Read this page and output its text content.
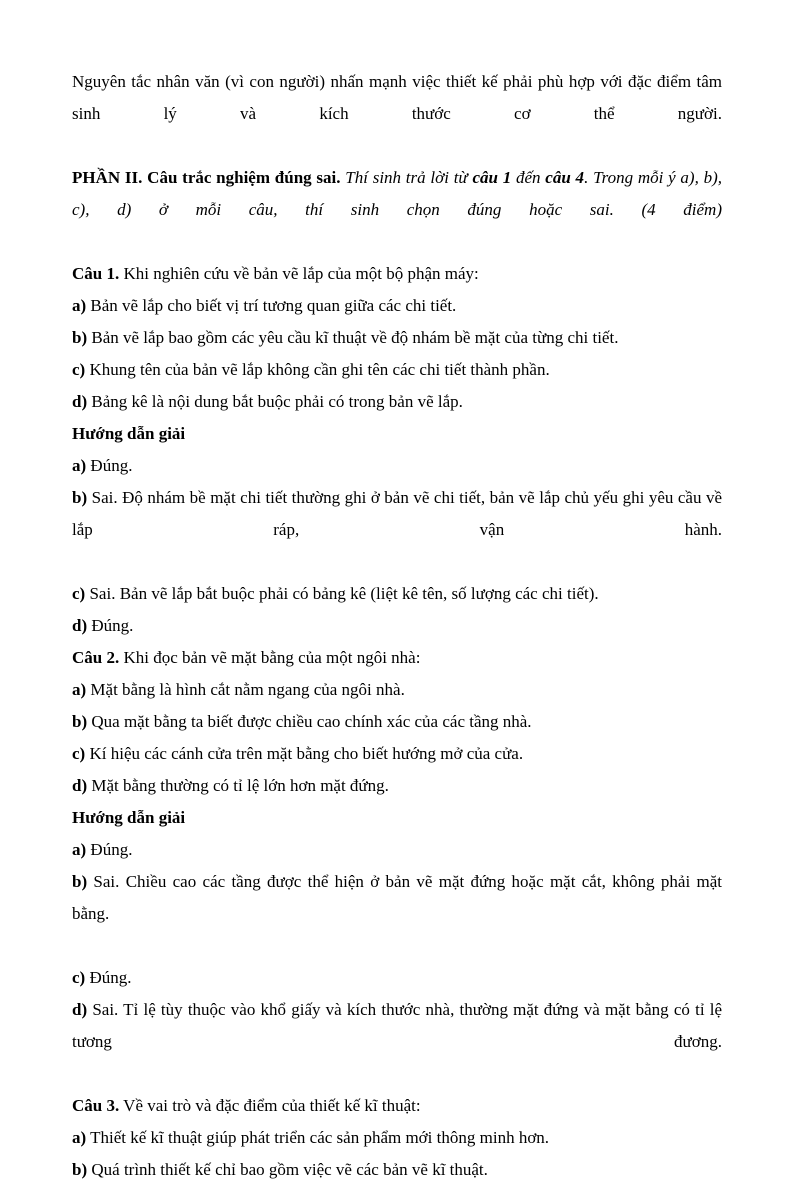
Nguyên tắc nhân văn (vì con người) nhấn mạnh việc thiết kế phải phù hợp với đặc điểm tâm sinh lý và kích thước cơ thể người.

PHẦN II. Câu trắc nghiệm đúng sai. Thí sinh trả lời từ câu 1 đến câu 4. Trong mỗi ý a), b), c), d) ở mỗi câu, thí sinh chọn đúng hoặc sai. (4 điểm)

Câu 1. Khi nghiên cứu về bản vẽ lắp của một bộ phận máy:

a) Bản vẽ lắp cho biết vị trí tương quan giữa các chi tiết.

b) Bản vẽ lắp bao gồm các yêu cầu kĩ thuật về độ nhám bề mặt của từng chi tiết.

c) Khung tên của bản vẽ lắp không cần ghi tên các chi tiết thành phần.

d) Bảng kê là nội dung bắt buộc phải có trong bản vẽ lắp.

Hướng dẫn giải

a) Đúng.

b) Sai. Độ nhám bề mặt chi tiết thường ghi ở bản vẽ chi tiết, bản vẽ lắp chủ yếu ghi yêu cầu về lắp ráp, vận hành.

c) Sai. Bản vẽ lắp bắt buộc phải có bảng kê (liệt kê tên, số lượng các chi tiết).

d) Đúng.

Câu 2. Khi đọc bản vẽ mặt bằng của một ngôi nhà:

a) Mặt bằng là hình cắt nằm ngang của ngôi nhà.

b) Qua mặt bằng ta biết được chiều cao chính xác của các tầng nhà.

c) Kí hiệu các cánh cửa trên mặt bằng cho biết hướng mở của cửa.

d) Mặt bằng thường có tỉ lệ lớn hơn mặt đứng.

Hướng dẫn giải

a) Đúng.

b) Sai. Chiều cao các tầng được thể hiện ở bản vẽ mặt đứng hoặc mặt cắt, không phải mặt bằng.

c) Đúng.

d) Sai. Tỉ lệ tùy thuộc vào khổ giấy và kích thước nhà, thường mặt đứng và mặt bằng có tỉ lệ tương đương.

Câu 3. Về vai trò và đặc điểm của thiết kế kĩ thuật:

a) Thiết kế kĩ thuật giúp phát triển các sản phẩm mới thông minh hơn.

b) Quá trình thiết kế chỉ bao gồm việc vẽ các bản vẽ kĩ thuật.
